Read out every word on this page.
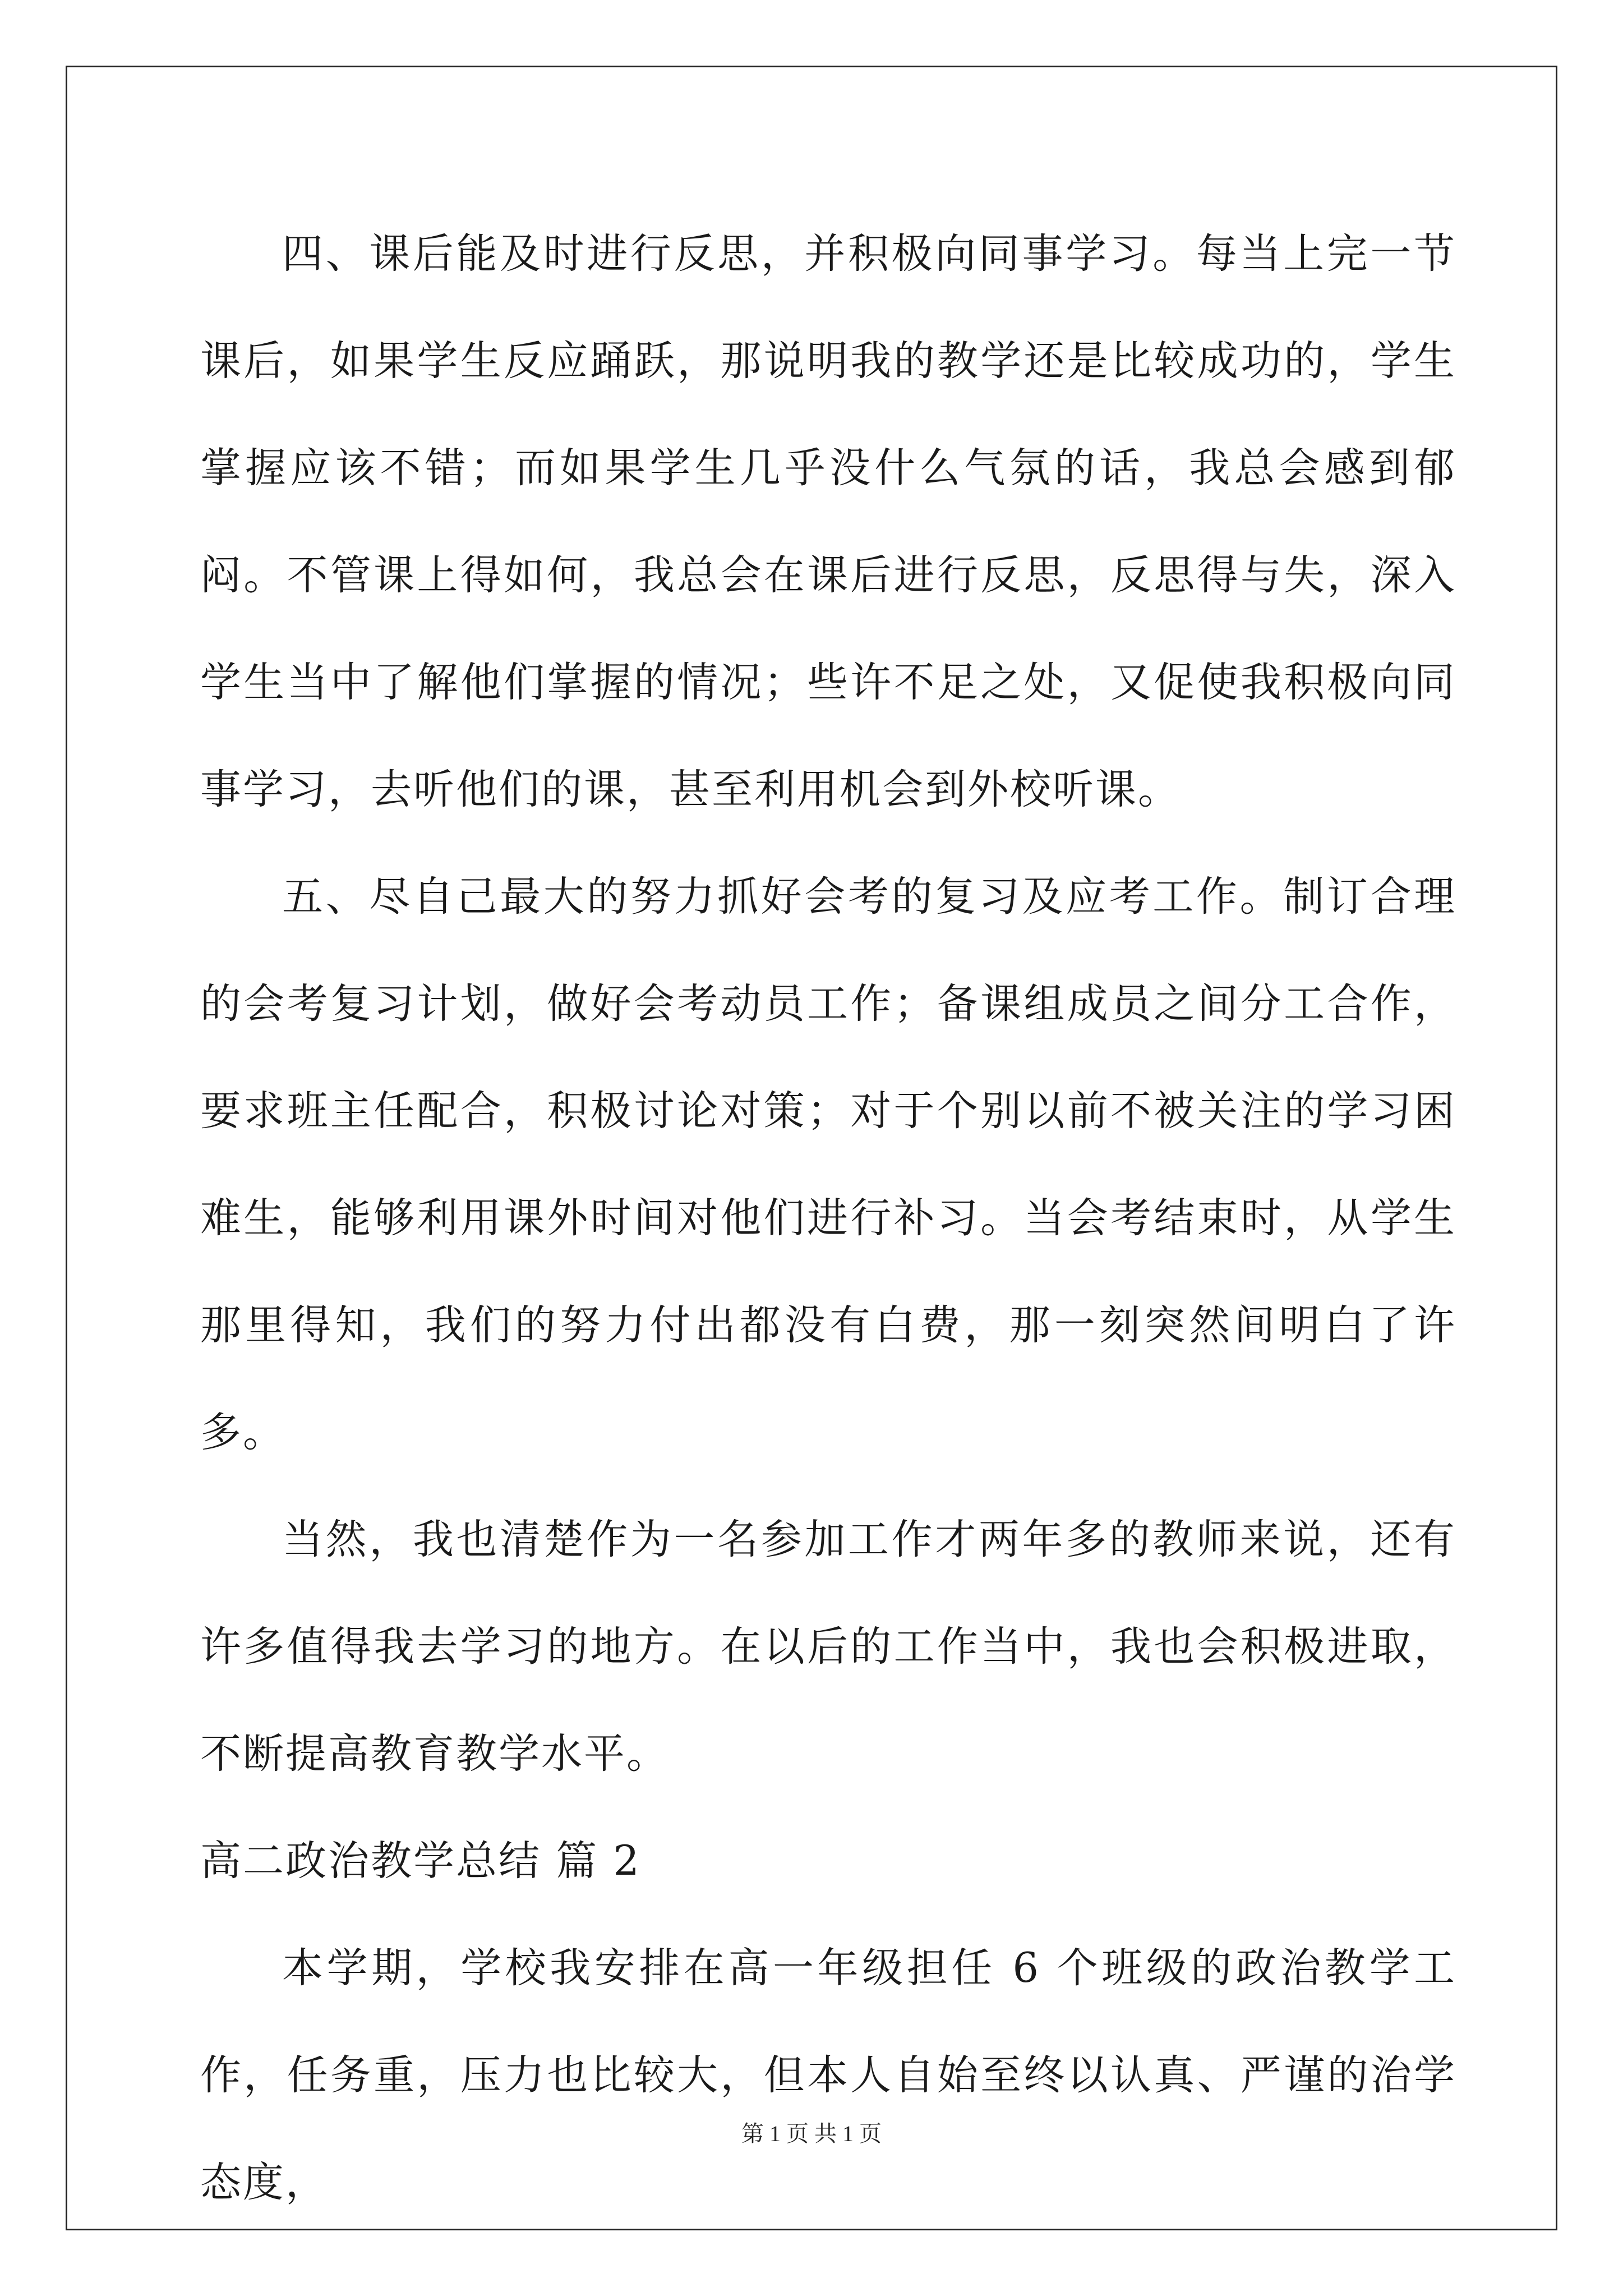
四、课后能及时进行反思，并积极向同事学习。每当上完一节课后，如果学生反应踊跃，那说明我的教学还是比较成功的，学生掌握应该不错；而如果学生几乎没什么气氛的话，我总会感到郁闷。不管课上得如何，我总会在课后进行反思，反思得与失，深入学生当中了解他们掌握的情况；些许不足之处，又促使我积极向同事学习，去听他们的课，甚至利用机会到外校听课。

五、尽自己最大的努力抓好会考的复习及应考工作。制订合理的会考复习计划，做好会考动员工作；备课组成员之间分工合作，要求班主任配合，积极讨论对策；对于个别以前不被关注的学习困难生，能够利用课外时间对他们进行补习。当会考结束时，从学生那里得知，我们的努力付出都没有白费，那一刻突然间明白了许多。

当然，我也清楚作为一名参加工作才两年多的教师来说，还有许多值得我去学习的地方。在以后的工作当中，我也会积极进取，不断提高教育教学水平。

高二政治教学总结 篇 2

本学期，学校我安排在高一年级担任 6 个班级的政治教学工作，任务重，压力也比较大，但本人自始至终以认真、严谨的治学态度，

第 1 页 共 1 页
